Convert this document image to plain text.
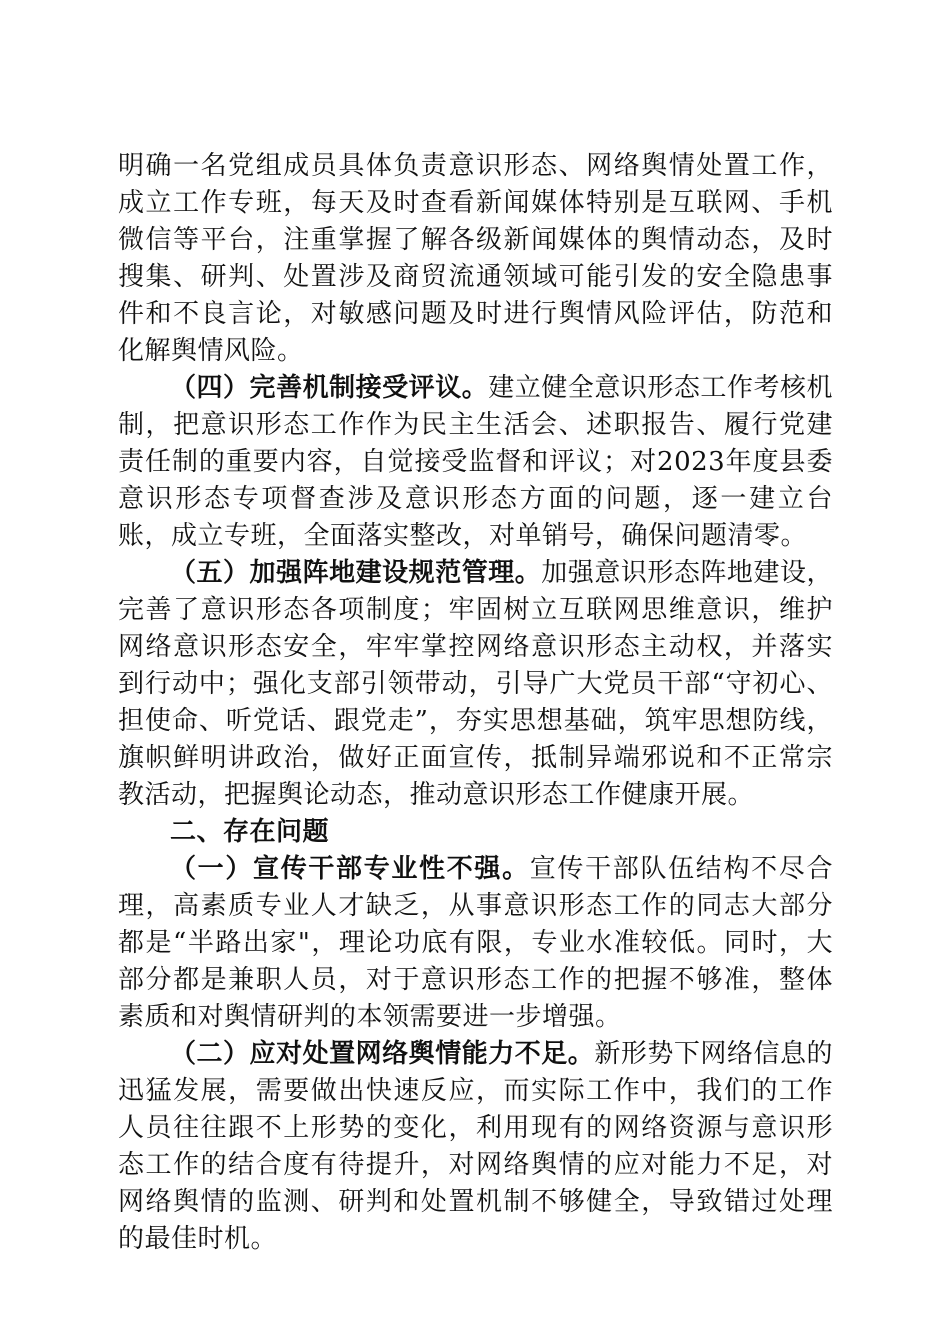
明确一名党组成员具体负责意识形态、网络舆情处置工作，成立工作专班，每天及时查看新闻媒体特别是互联网、手机微信等平台，注重掌握了解各级新闻媒体的舆情动态，及时搜集、研判、处置涉及商贸流通领域可能引发的安全隐患事件和不良言论，对敏感问题及时进行舆情风险评估，防范和化解舆情风险。

（四）完善机制接受评议。建立健全意识形态工作考核机制，把意识形态工作作为民主生活会、述职报告、履行党建责任制的重要内容，自觉接受监督和评议；对2023年度县委意识形态专项督查涉及意识形态方面的问题，逐一建立台账，成立专班，全面落实整改，对单销号，确保问题清零。

（五）加强阵地建设规范管理。加强意识形态阵地建设，完善了意识形态各项制度；牢固树立互联网思维意识，维护网络意识形态安全，牢牢掌控网络意识形态主动权，并落实到行动中；强化支部引领带动，引导广大党员干部“守初心、担使命、听党话、跟党走”，夯实思想基础，筑牢思想防线，旗帜鲜明讲政治，做好正面宣传，抵制异端邪说和不正常宗教活动，把握舆论动态，推动意识形态工作健康开展。

二、存在问题

（一）宣传干部专业性不强。宣传干部队伍结构不尽合理，高素质专业人才缺乏，从事意识形态工作的同志大部分都是“半路出家"，理论功底有限，专业水准较低。同时，大部分都是兼职人员，对于意识形态工作的把握不够准，整体素质和对舆情研判的本领需要进一步增强。

（二）应对处置网络舆情能力不足。新形势下网络信息的迅猛发展，需要做出快速反应，而实际工作中，我们的工作人员往往跟不上形势的变化，利用现有的网络资源与意识形态工作的结合度有待提升，对网络舆情的应对能力不足，对网络舆情的监测、研判和处置机制不够健全，导致错过处理的最佳时机。
